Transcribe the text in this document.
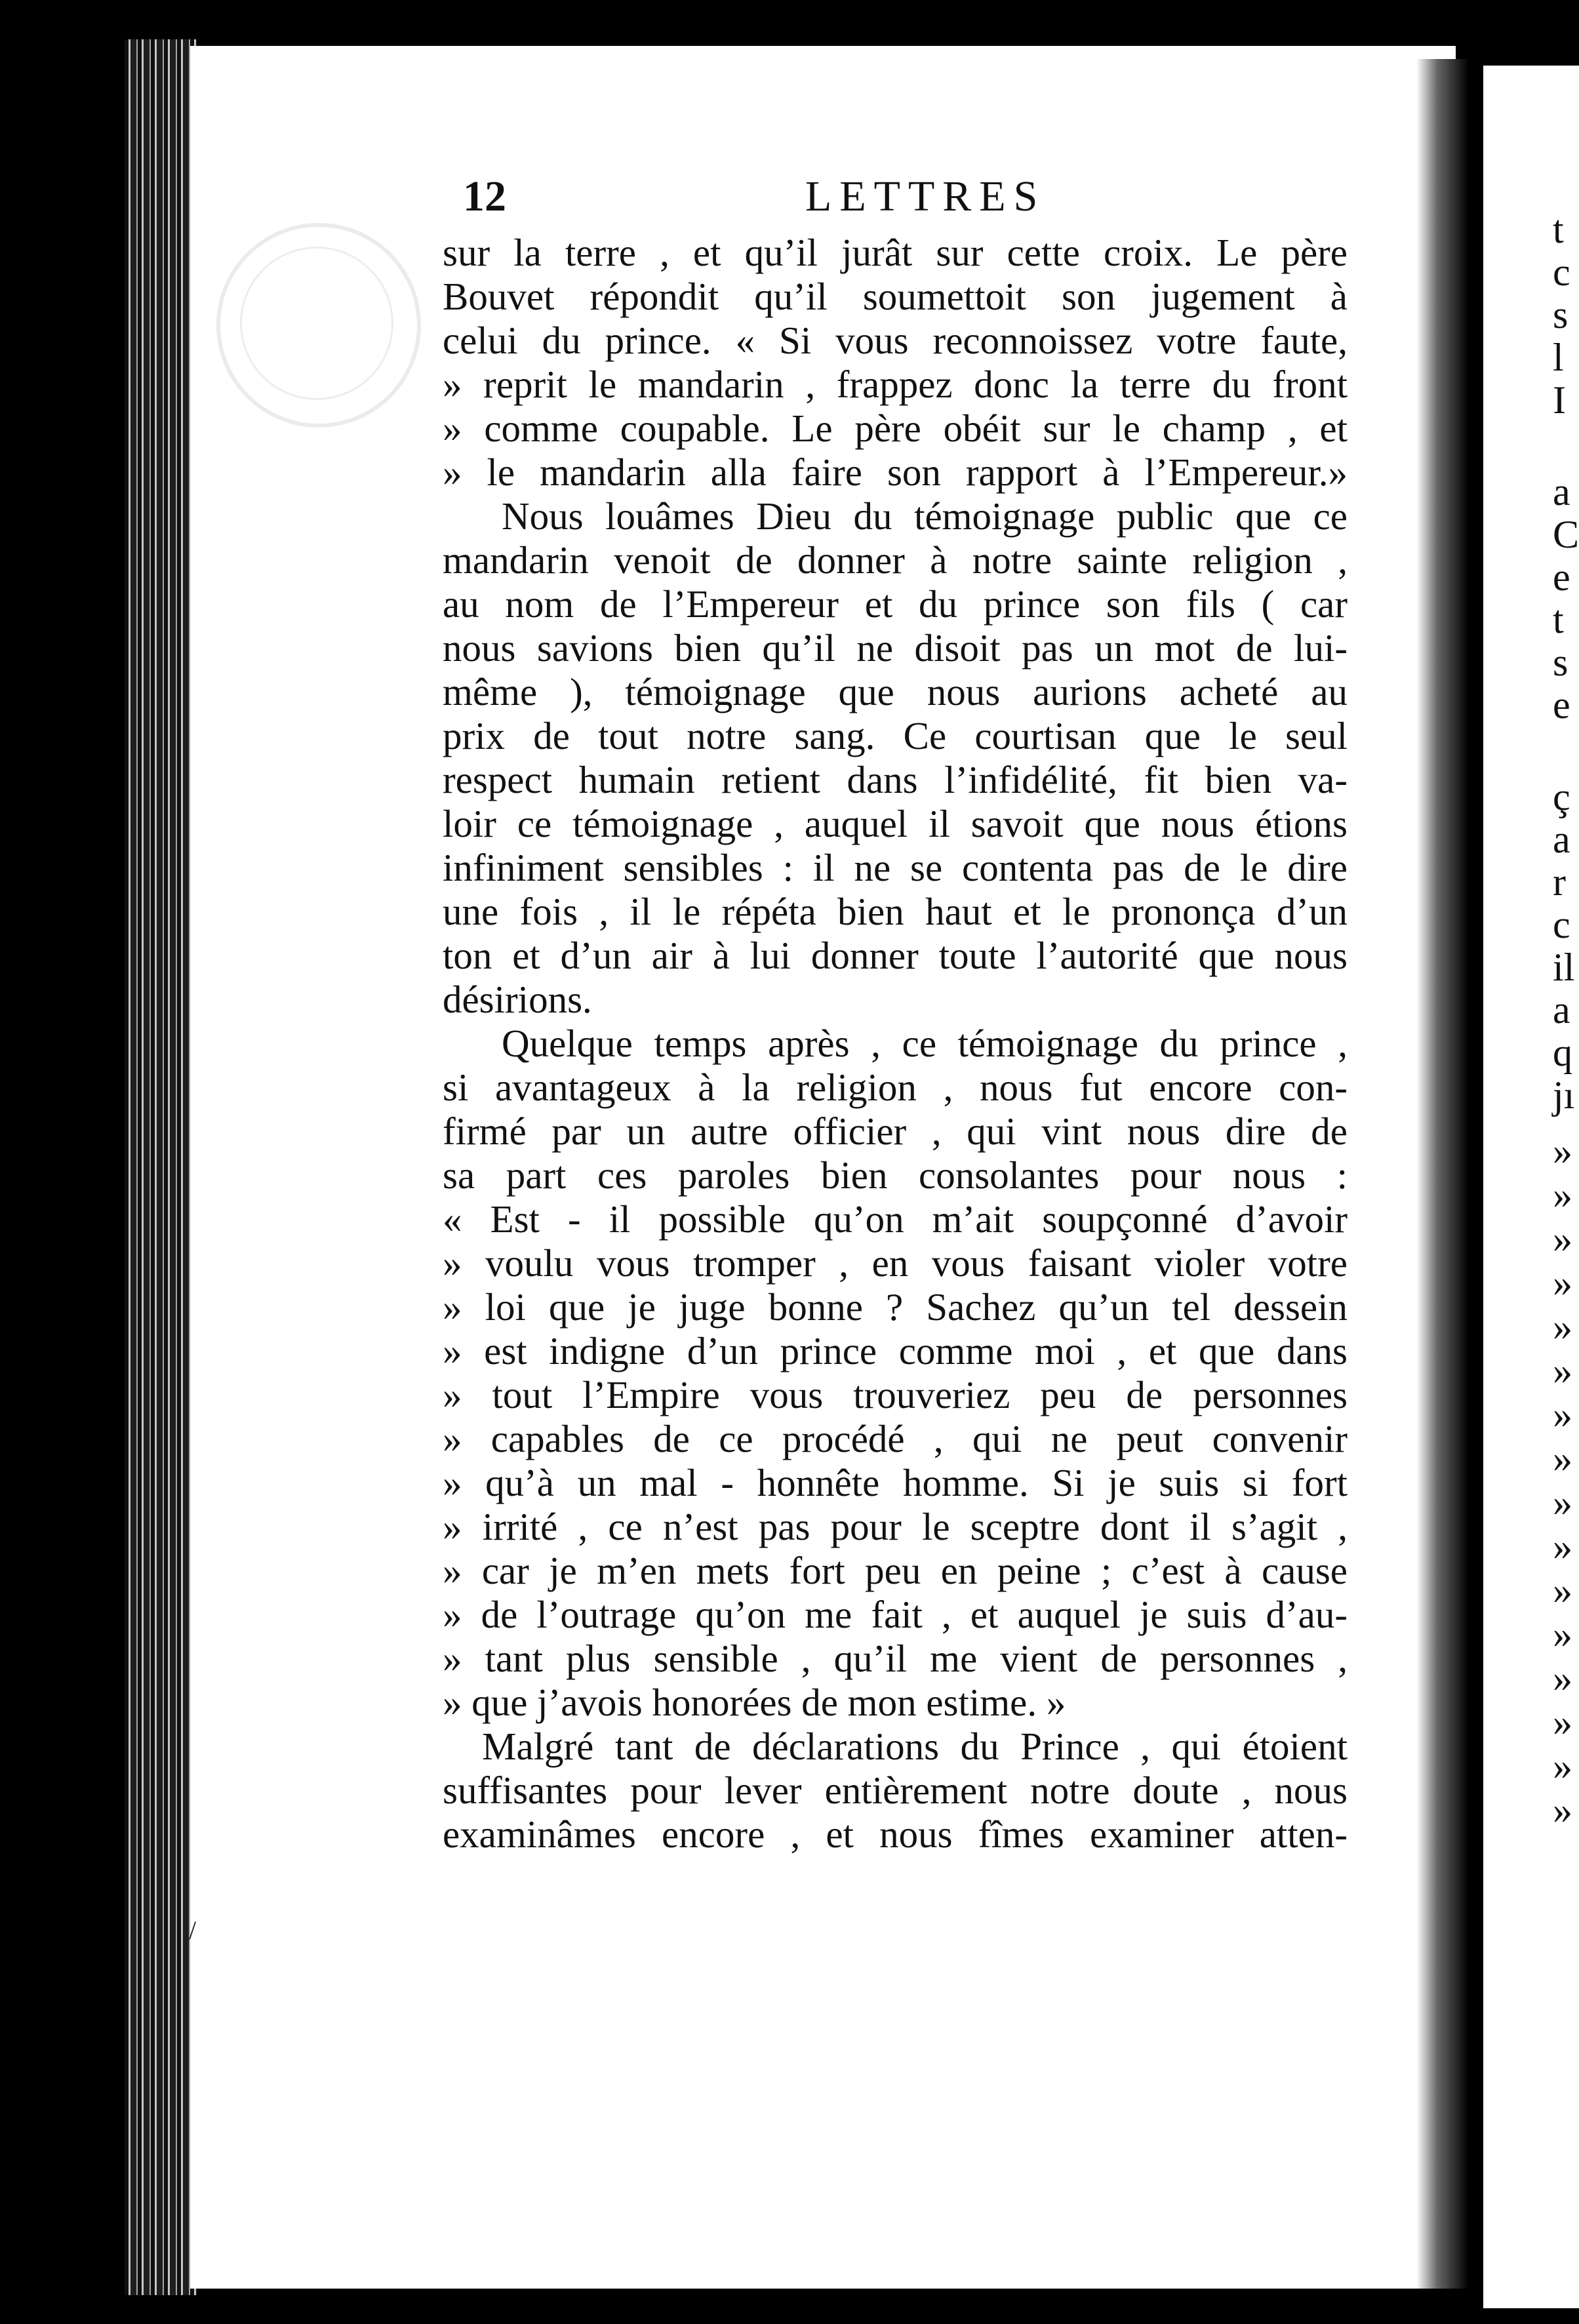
12	LETTRES
sur la terre , et qu’il jurât sur cette croix. Le père
Bouvet répondit qu’il soumettoit son jugement à
celui du prince. « Si vous reconnoissez votre faute,
» reprit le mandarin , frappez donc la terre du front
» comme coupable. Le père obéit sur le champ , et
» le mandarin alla faire son rapport à l’Empereur.»
Nous louâmes Dieu du témoignage public que ce
mandarin venoit de donner à notre sainte religion ,
au nom de l’Empereur et du prince son fils ( car
nous savions bien qu’il ne disoit pas un mot de lui-
même ), témoignage que nous aurions acheté au
prix de tout notre sang. Ce courtisan que le seul
respect humain retient dans l’infidélité, fit bien va-
loir ce témoignage , auquel il savoit que nous étions
infiniment sensibles : il ne se contenta pas de le dire
une fois , il le répéta bien haut et le prononça d’un
ton et d’un air à lui donner toute l’autorité que nous
désirions.
Quelque temps après , ce témoignage du prince ,
si avantageux à la religion , nous fut encore con-
firmé par un autre officier , qui vint nous dire de
sa part ces paroles bien consolantes pour nous :
« Est - il possible qu’on m’ait soupçonné d’avoir
» voulu vous tromper , en vous faisant violer votre
» loi que je juge bonne ? Sachez qu’un tel dessein
» est indigne d’un prince comme moi , et que dans
» tout l’Empire vous trouveriez peu de personnes
» capables de ce procédé , qui ne peut convenir
» qu’à un mal - honnête homme. Si je suis si fort
» irrité , ce n’est pas pour le sceptre dont il s’agit ,
» car je m’en mets fort peu en peine ; c’est à cause
» de l’outrage qu’on me fait , et auquel je suis d’au-
» tant plus sensible , qu’il me vient de personnes ,
» que j’avois honorées de mon estime. »
Malgré tant de déclarations du Prince , qui étoient
suffisantes pour lever entièrement notre doute , nous
examinâmes encore , et nous fîmes examiner atten-
t
c
s
l
I
a
C
e
t
s
e
ç
a
r
c
il
a
q
jı
»
»
»
»
»
»
»
»
»
»
»
»
»
»
»
»
/
